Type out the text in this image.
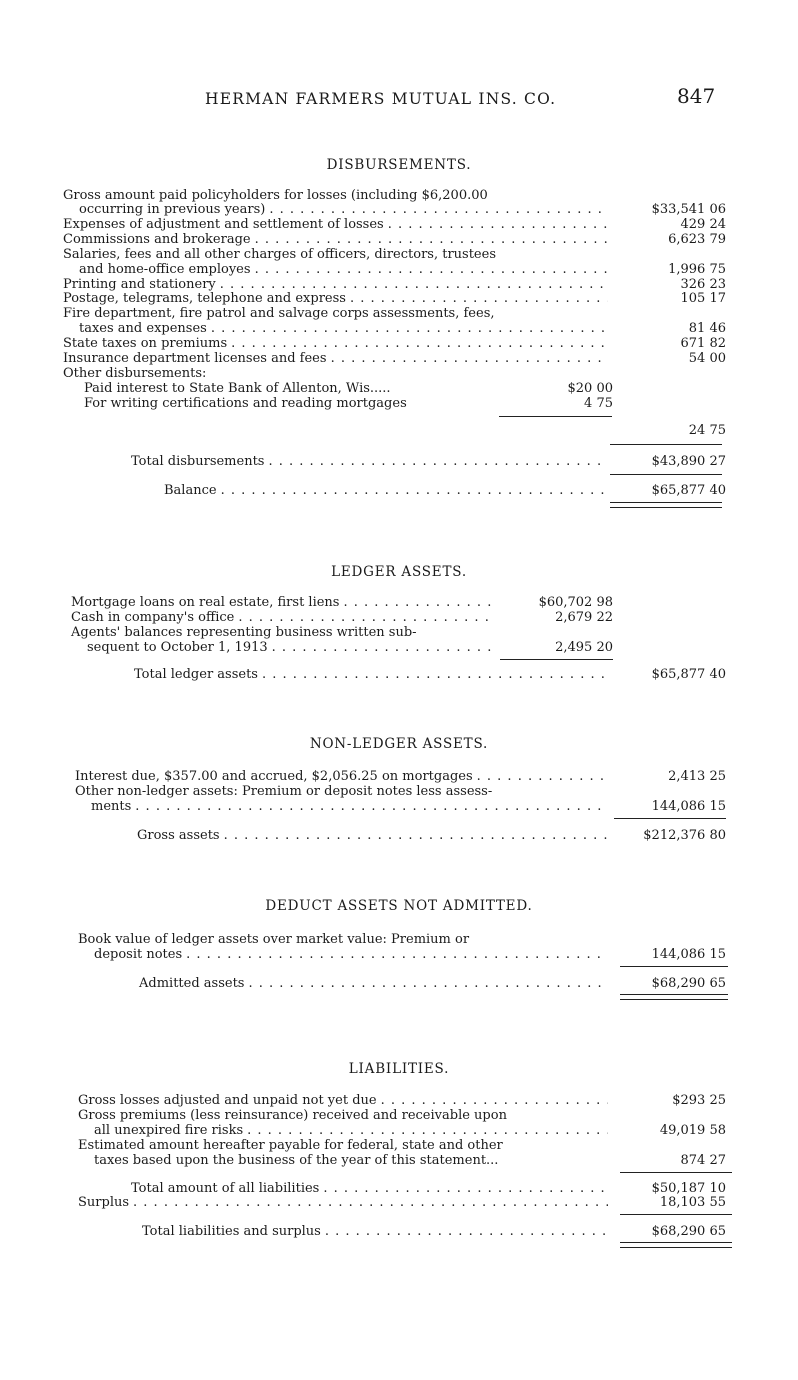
HERMAN FARMERS MUTUAL INS. CO.	847
DISBURSEMENTS.
Gross amount paid policyholders for losses (including $6,200.00
occurring in previous years) . . .	$33,541 06
Expenses of adjustment and settlement of losses . . .	429 24
Commissions and brokerage . . .	6,623 79
Salaries, fees and all other charges of officers, directors, trustees
and home-office employes . . .	1,996 75
Printing and stationery . . .	326 23
Postage, telegrams, telephone and express . . .	105 17
Fire department, fire patrol and salvage corps assessments, fees,
taxes and expenses . . .	81 46
State taxes on premiums . . .	671 82
Insurance department licenses and fees . . .	54 00
Other disbursements:
Paid interest to State Bank of Allenton, Wis.....	$20 00
For writing certifications and reading mortgages	4 75
24 75
Total disbursements . . .	$43,890 27
Balance . . .	$65,877 40
LEDGER ASSETS.
Mortgage loans on real estate, first liens . . .	$60,702 98
Cash in company's office . . .	2,679 22
Agents' balances representing business written sub-
sequent to October 1, 1913 . . .	2,495 20
Total ledger assets . . .	$65,877 40
NON-LEDGER ASSETS.
Interest due, $357.00 and accrued, $2,056.25 on mortgages . . .	2,413 25
Other non-ledger assets: Premium or deposit notes less assess-
ments . . .	144,086 15
Gross assets . . .	$212,376 80
DEDUCT ASSETS NOT ADMITTED.
Book value of ledger assets over market value: Premium or
deposit notes . . .	144,086 15
Admitted assets . . .	$68,290 65
LIABILITIES.
Gross losses adjusted and unpaid not yet due . . .	$293 25
Gross premiums (less reinsurance) received and receivable upon
all unexpired fire risks . . .	49,019 58
Estimated amount hereafter payable for federal, state and other
taxes based upon the business of the year of this statement...	874 27
Total amount of all liabilities . . .	$50,187 10
Surplus . . .	18,103 55
Total liabilities and surplus . . .	$68,290 65
